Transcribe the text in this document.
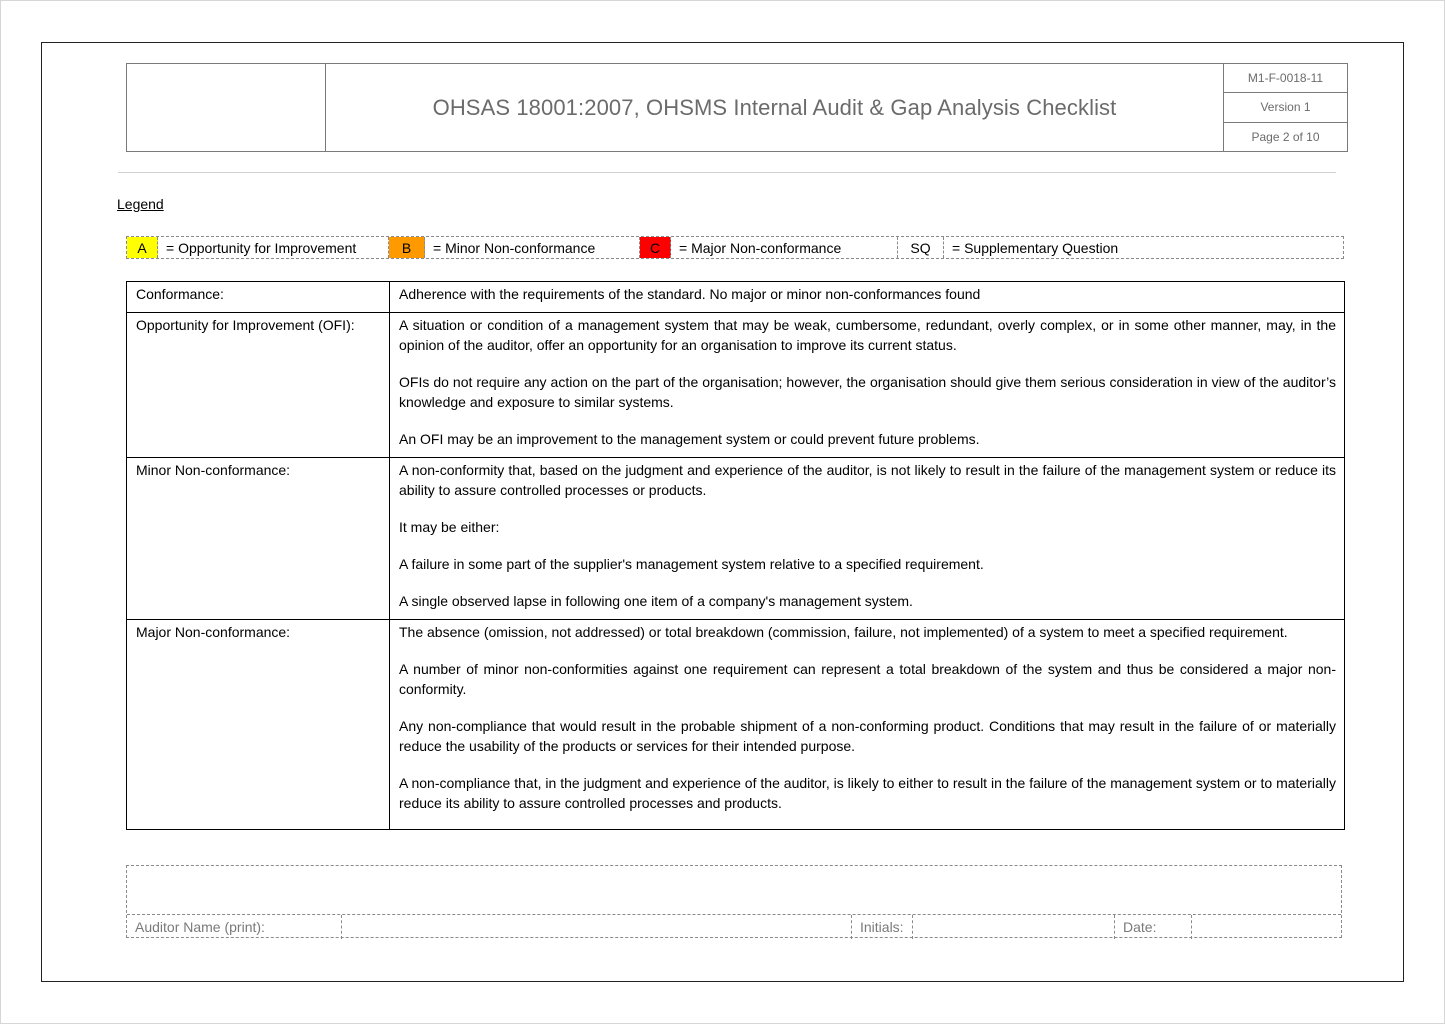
OHSAS 18001:2007, OHSMS Internal Audit & Gap Analysis Checklist
M1-F-0018-11
Version 1
Page 2 of 10
Legend
A	= Opportunity for Improvement	B	= Minor Non-conformance	C	= Major Non-conformance	SQ	= Supplementary Question
Conformance:	Adherence with the requirements of the standard. No major or minor non-conformances found

Opportunity for Improvement (OFI):	A situation or condition of a management system that may be weak, cumbersome, redundant, overly complex, or in some other manner, may, in the opinion of the auditor, offer an opportunity for an organisation to improve its current status.

OFIs do not require any action on the part of the organisation; however, the organisation should give them serious consideration in view of the auditor’s knowledge and exposure to similar systems.

An OFI may be an improvement to the management system or could prevent future problems.

Minor Non-conformance:	A non-conformity that, based on the judgment and experience of the auditor, is not likely to result in the failure of the management system or reduce its ability to assure controlled processes or products.

It may be either:

A failure in some part of the supplier's management system relative to a specified requirement.

A single observed lapse in following one item of a company's management system.

Major Non-conformance:	The absence (omission, not addressed) or total breakdown (commission, failure, not implemented) of a system to meet a specified requirement.

A number of minor non-conformities against one requirement can represent a total breakdown of the system and thus be considered a major non-conformity.

Any non-compliance that would result in the probable shipment of a non-conforming product. Conditions that may result in the failure of or materially reduce the usability of the products or services for their intended purpose.

A non-compliance that, in the judgment and experience of the auditor, is likely to either to result in the failure of the management system or to materially reduce its ability to assure controlled processes and products.

Auditor Name (print):	Initials:	Date:
